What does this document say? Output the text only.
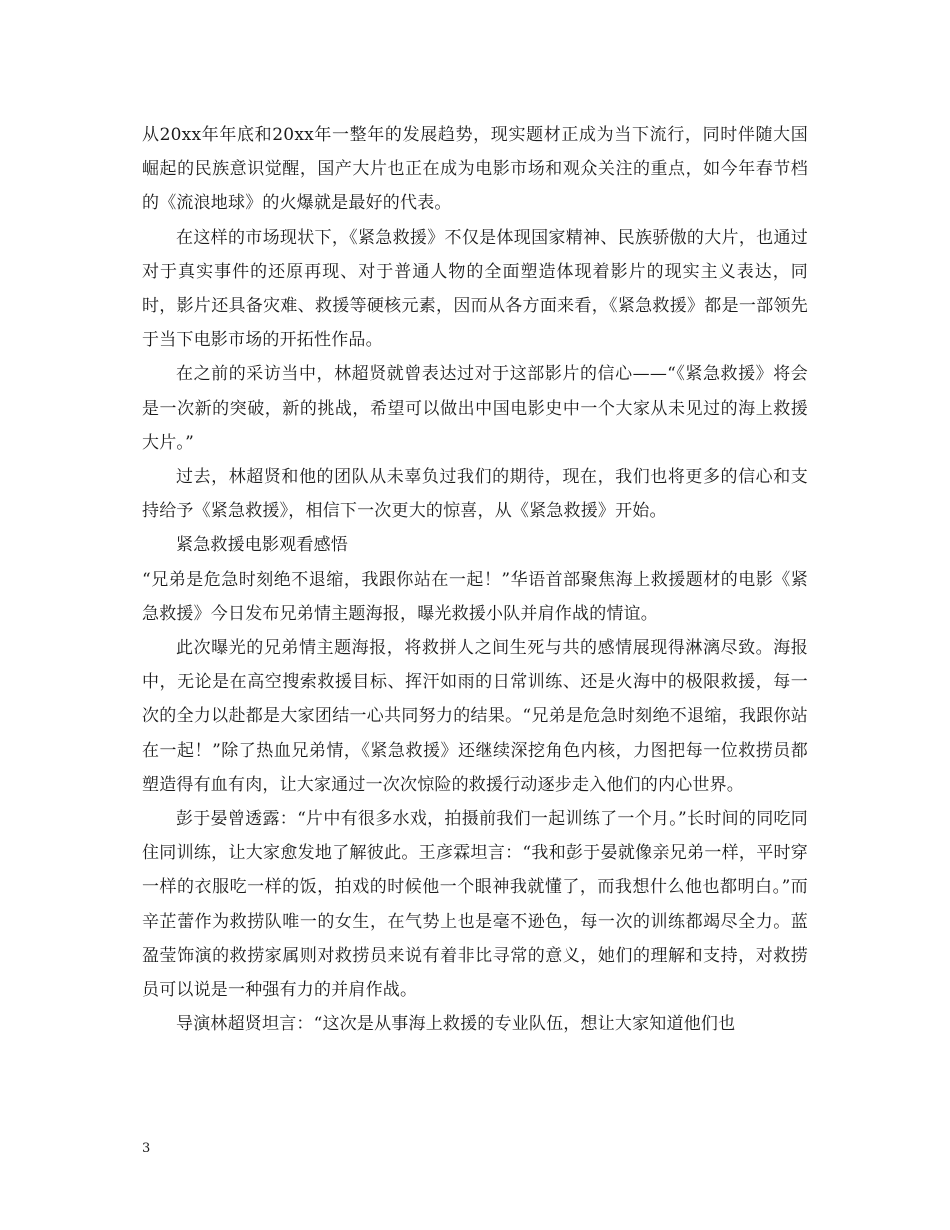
从20xx年年底和20xx年一整年的发展趋势，现实题材正成为当下流行，同时伴随大国崛起的民族意识觉醒，国产大片也正在成为电影市场和观众关注的重点，如今年春节档的《流浪地球》的火爆就是最好的代表。

在这样的市场现状下，《紧急救援》不仅是体现国家精神、民族骄傲的大片，也通过对于真实事件的还原再现、对于普通人物的全面塑造体现着影片的现实主义表达，同时，影片还具备灾难、救援等硬核元素，因而从各方面来看，《紧急救援》都是一部领先于当下电影市场的开拓性作品。

在之前的采访当中，林超贤就曾表达过对于这部影片的信心——“《紧急救援》将会是一次新的突破，新的挑战，希望可以做出中国电影史中一个大家从未见过的海上救援大片。”

过去，林超贤和他的团队从未辜负过我们的期待，现在，我们也将更多的信心和支持给予《紧急救援》，相信下一次更大的惊喜，从《紧急救援》开始。

紧急救援电影观看感悟

“兄弟是危急时刻绝不退缩，我跟你站在一起！”华语首部聚焦海上救援题材的电影《紧急救援》今日发布兄弟情主题海报，曝光救援小队并肩作战的情谊。

此次曝光的兄弟情主题海报，将救拼人之间生死与共的感情展现得淋漓尽致。海报中，无论是在高空搜索救援目标、挥汗如雨的日常训练、还是火海中的极限救援，每一次的全力以赴都是大家团结一心共同努力的结果。“兄弟是危急时刻绝不退缩，我跟你站在一起！”除了热血兄弟情，《紧急救援》还继续深挖角色内核，力图把每一位救捞员都塑造得有血有肉，让大家通过一次次惊险的救援行动逐步走入他们的内心世界。

彭于晏曾透露：“片中有很多水戏，拍摄前我们一起训练了一个月。”长时间的同吃同住同训练，让大家愈发地了解彼此。王彦霖坦言：“我和彭于晏就像亲兄弟一样，平时穿一样的衣服吃一样的饭，拍戏的时候他一个眼神我就懂了，而我想什么他也都明白。”而辛芷蕾作为救捞队唯一的女生，在气势上也是毫不逊色，每一次的训练都竭尽全力。蓝盈莹饰演的救捞家属则对救捞员来说有着非比寻常的意义，她们的理解和支持，对救捞员可以说是一种强有力的并肩作战。

导演林超贤坦言：“这次是从事海上救援的专业队伍，想让大家知道他们也

3
